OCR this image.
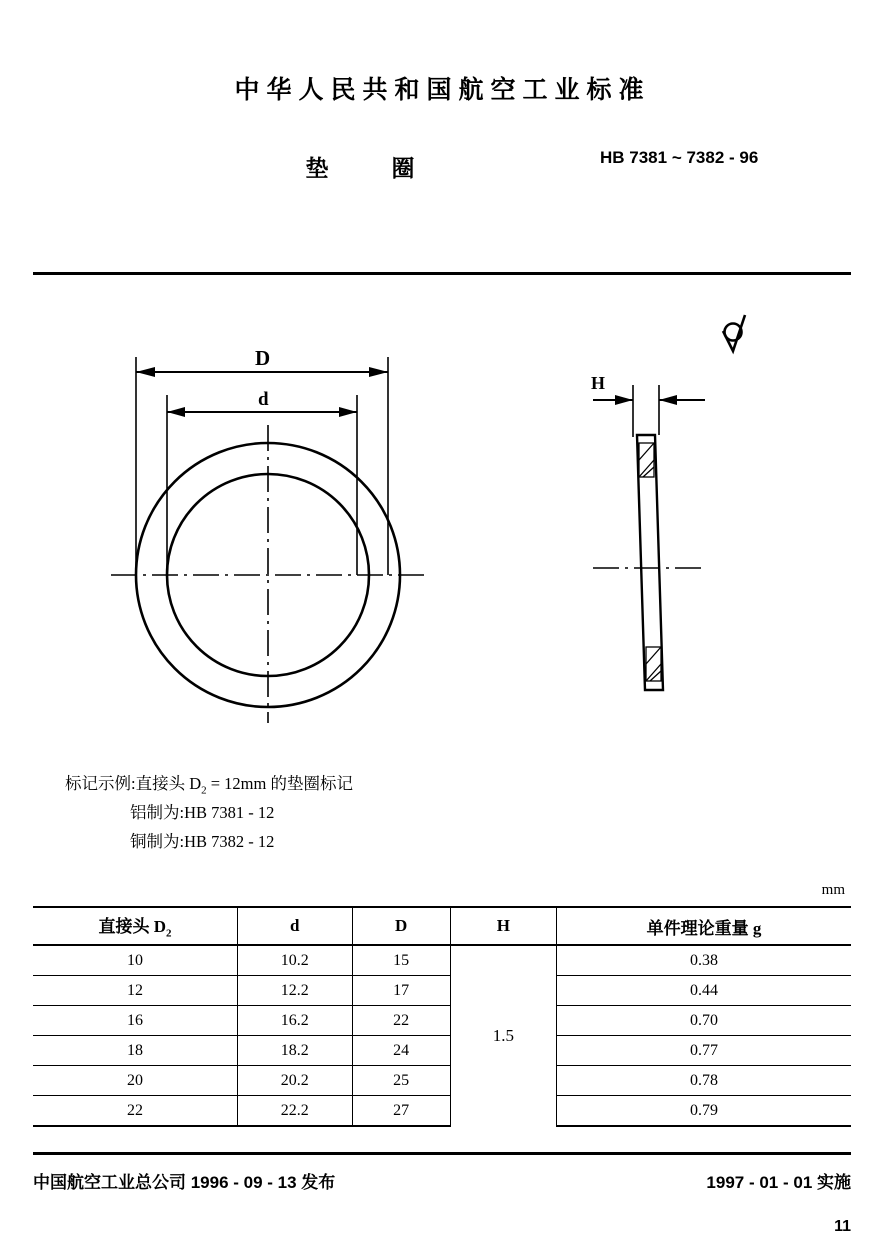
中华人民共和国航空工业标准
垫　圈	HB 7381 ~ 7382 - 96
D
d
H
标记示例:直接头 $D_2 = 12mm$ 的垫圈标记
铝制为:HB 7381 - 12
铜制为:HB 7382 - 12
mm
直接头 $D_2$	d	D	H	单件理论重量 g
10	10.2	15	1.5	0.38
12	12.2	17		0.44
16	16.2	22		0.70
18	18.2	24		0.77
20	20.2	25		0.78
22	22.2	27		0.79
中国航空工业总公司 1996 - 09 - 13 发布	1997 - 01 - 01 实施
11
